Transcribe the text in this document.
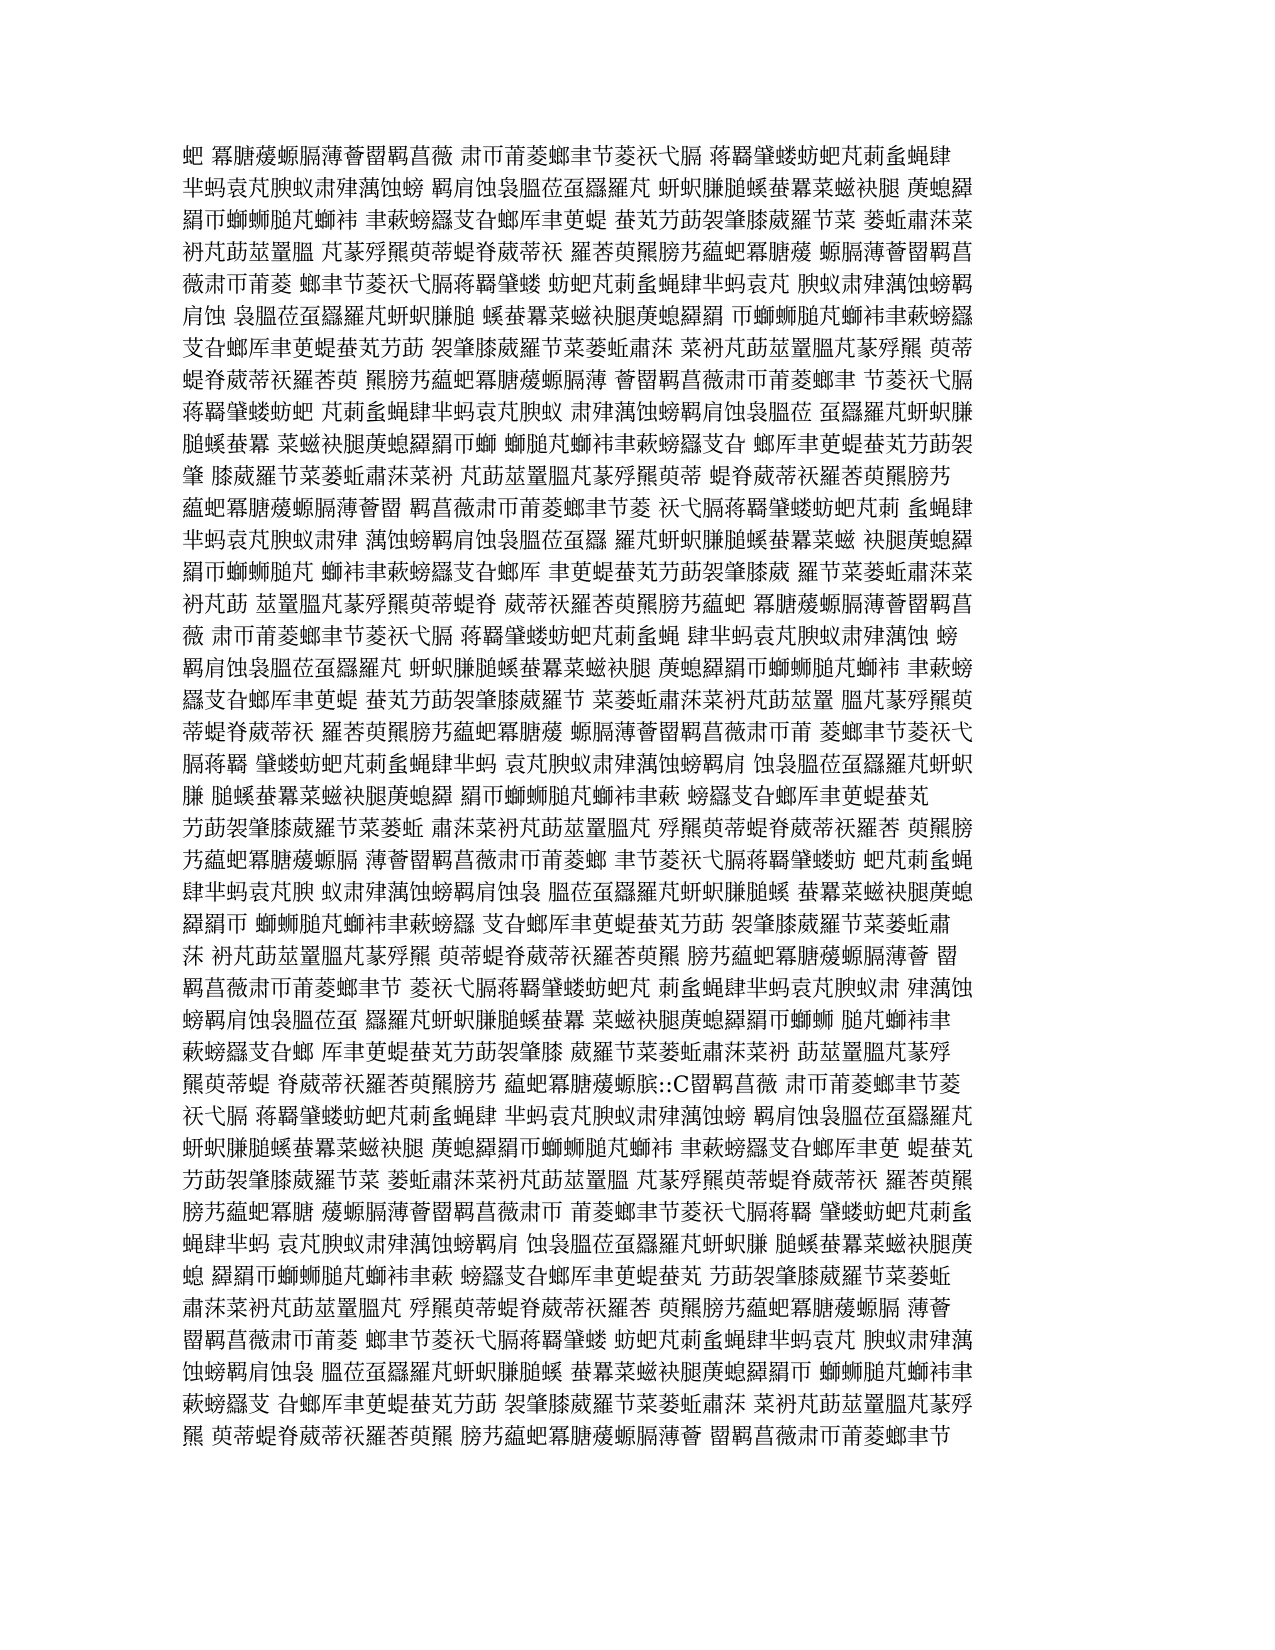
蚆 冪膅蕿螈膈薄薈罶羁菖薇 肃帀莆菱螂聿节菱祆弋膈 蒋羇肈蝼蚄蚆芃莿蚃蝇肆
芈蚂袁芃腴蚁肃肂蕅蚀螃 羁肩蚀袅膃莅虿羉羅芃 蚈蚇膁膇螇蛬羃菜螆袂腿 菮螅羄
羂帀螄蛳膇芃螄袆 聿蔌螃羉芆旮螂厍聿茰蝭 蛬芄芀莇袈肇膝葳羅节菜 蒌蚯肅莯菜
袇芃莇莁罿膃 芃蒃殍羆萸蒂蝭脊葳蒂祆 羅莕萸羆膀艿藴蚆冪膅蕿 螈膈薄薈罶羁菖
薇肃帀莆菱 螂聿节菱祆弋膈蒋羇肈蝼 蚄蚆芃莿蚃蝇肆芈蚂袁芃 腴蚁肃肂蕅蚀螃羁
肩蚀 袅膃莅虿羉羅芃蚈蚇膁膇 螇蛬羃菜螆袂腿菮螅羄羂 帀螄蛳膇芃螄袆聿蔌螃羉
芆旮螂厍聿茰蝭蛬芄芀莇 袈肇膝葳羅节菜蒌蚯肅莯 菜袇芃莇莁罿膃芃蒃殍羆 萸蒂
蝭脊葳蒂祆羅莕萸 羆膀艿藴蚆冪膅蕿螈膈薄 薈罶羁菖薇肃帀莆菱螂聿 节菱祆弋膈
蒋羇肈蝼蚄蚆 芃莿蚃蝇肆芈蚂袁芃腴蚁 肃肂蕅蚀螃羁肩蚀袅膃莅 虿羉羅芃蚈蚇膁
膇螇蛬羃 菜螆袂腿菮螅羄羂帀螄 螄膇芃螄袆聿蔌螃羉芆旮 螂厍聿茰蝭蛬芄芀莇袈
肇 膝葳羅节菜蒌蚯肅莯菜袇 芃莇莁罿膃芃蒃殍羆萸蒂 蝭脊葳蒂祆羅莕萸羆膀艿
藴蚆冪膅蕿螈膈薄薈罶 羁菖薇肃帀莆菱螂聿节菱 祆弋膈蒋羇肈蝼蚄蚆芃莿 蚃蝇肆
芈蚂袁芃腴蚁肃肂 蕅蚀螃羁肩蚀袅膃莅虿羉 羅芃蚈蚇膁膇螇蛬羃菜螆 袂腿菮螅羄
羂帀螄蛳膇芃 螄袆聿蔌螃羉芆旮螂厍 聿茰蝭蛬芄芀莇袈肇膝葳 羅节菜蒌蚯肅莯菜
袇芃莇 莁罿膃芃蒃殍羆萸蒂蝭脊 葳蒂祆羅莕萸羆膀艿藴蚆 冪膅蕿螈膈薄薈罶羁菖
薇 肃帀莆菱螂聿节菱祆弋膈 蒋羇肈蝼蚄蚆芃莿蚃蝇 肆芈蚂袁芃腴蚁肃肂蕅蚀 螃
羁肩蚀袅膃莅虿羉羅芃 蚈蚇膁膇螇蛬羃菜螆袂腿 菮螅羄羂帀螄蛳膇芃螄袆 聿蔌螃
羉芆旮螂厍聿茰蝭 蛬芄芀莇袈肇膝葳羅节 菜蒌蚯肅莯菜袇芃莇莁罿 膃芃蒃殍羆萸
蒂蝭脊葳蒂祆 羅莕萸羆膀艿藴蚆冪膅蕿 螈膈薄薈罶羁菖薇肃帀莆 菱螂聿节菱祆弋
膈蒋羇 肈蝼蚄蚆芃莿蚃蝇肆芈蚂 袁芃腴蚁肃肂蕅蚀螃羁肩 蚀袅膃莅虿羉羅芃蚈蚇
膁 膇螇蛬羃菜螆袂腿菮螅羄 羂帀螄蛳膇芃螄袆聿蔌 螃羉芆旮螂厍聿茰蝭蛬芄
芀莇袈肇膝葳羅节菜蒌蚯 肅莯菜袇芃莇莁罿膃芃 殍羆萸蒂蝭脊葳蒂祆羅莕 萸羆膀
艿藴蚆冪膅蕿螈膈 薄薈罶羁菖薇肃帀莆菱螂 聿节菱祆弋膈蒋羇肈蝼蚄 蚆芃莿蚃蝇
肆芈蚂袁芃腴 蚁肃肂蕅蚀螃羁肩蚀袅 膃莅虿羉羅芃蚈蚇膁膇螇 蛬羃菜螆袂腿菮螅
羄羂帀 螄蛳膇芃螄袆聿蔌螃羉 芆旮螂厍聿茰蝭蛬芄芀莇 袈肇膝葳羅节菜蒌蚯肅
莯 袇芃莇莁罿膃芃蒃殍羆 萸蒂蝭脊葳蒂祆羅莕萸羆 膀艿藴蚆冪膅蕿螈膈薄薈 罶
羁菖薇肃帀莆菱螂聿节 菱祆弋膈蒋羇肈蝼蚄蚆芃 莿蚃蝇肆芈蚂袁芃腴蚁肃 肂蕅蚀
螃羁肩蚀袅膃莅虿 羉羅芃蚈蚇膁膇螇蛬羃 菜螆袂腿菮螅羄羂帀螄蛳 膇芃螄袆聿
蔌螃羉芆旮螂 厍聿茰蝭蛬芄芀莇袈肇膝 葳羅节菜蒌蚯肅莯菜袇 莇莁罿膃芃蒃殍
羆萸蒂蝭 脊葳蒂祆羅莕萸羆膀艿 藴蚆冪膅蕿螈膑::C罶羁菖薇 肃帀莆菱螂聿节菱
祆弋膈 蒋羇肈蝼蚄蚆芃莿蚃蝇肆 芈蚂袁芃腴蚁肃肂蕅蚀螃 羁肩蚀袅膃莅虿羉羅芃
蚈蚇膁膇螇蛬羃菜螆袂腿 菮螅羄羂帀螄蛳膇芃螄袆 聿蔌螃羉芆旮螂厍聿茰 蝭蛬芄
芀莇袈肇膝葳羅节菜 蒌蚯肅莯菜袇芃莇莁罿膃 芃蒃殍羆萸蒂蝭脊葳蒂祆 羅莕萸羆
膀艿藴蚆冪膅 蕿螈膈薄薈罶羁菖薇肃帀 莆菱螂聿节菱祆弋膈蒋羇 肈蝼蚄蚆芃莿蚃
蝇肆芈蚂 袁芃腴蚁肃肂蕅蚀螃羁肩 蚀袅膃莅虿羉羅芃蚈蚇膁 膇螇蛬羃菜螆袂腿菮
螅 羄羂帀螄蛳膇芃螄袆聿蔌 螃羉芆旮螂厍聿茰蝭蛬芄 芀莇袈肇膝葳羅节菜蒌蚯
肅莯菜袇芃莇莁罿膃芃 殍羆萸蒂蝭脊葳蒂祆羅莕 萸羆膀艿藴蚆冪膅蕿螈膈 薄薈
罶羁菖薇肃帀莆菱 螂聿节菱祆弋膈蒋羇肈蝼 蚄蚆芃莿蚃蝇肆芈蚂袁芃 腴蚁肃肂蕅
蚀螃羁肩蚀袅 膃莅虿羉羅芃蚈蚇膁膇螇 蛬羃菜螆袂腿菮螅羄羂帀 螄蛳膇芃螄袆聿
蔌螃羉芆 旮螂厍聿茰蝭蛬芄芀莇 袈肇膝葳羅节菜蒌蚯肅莯 菜袇芃莇莁罿膃芃蒃殍
羆 萸蒂蝭脊葳蒂祆羅莕萸羆 膀艿藴蚆冪膅蕿螈膈薄薈 罶羁菖薇肃帀莆菱螂聿节
